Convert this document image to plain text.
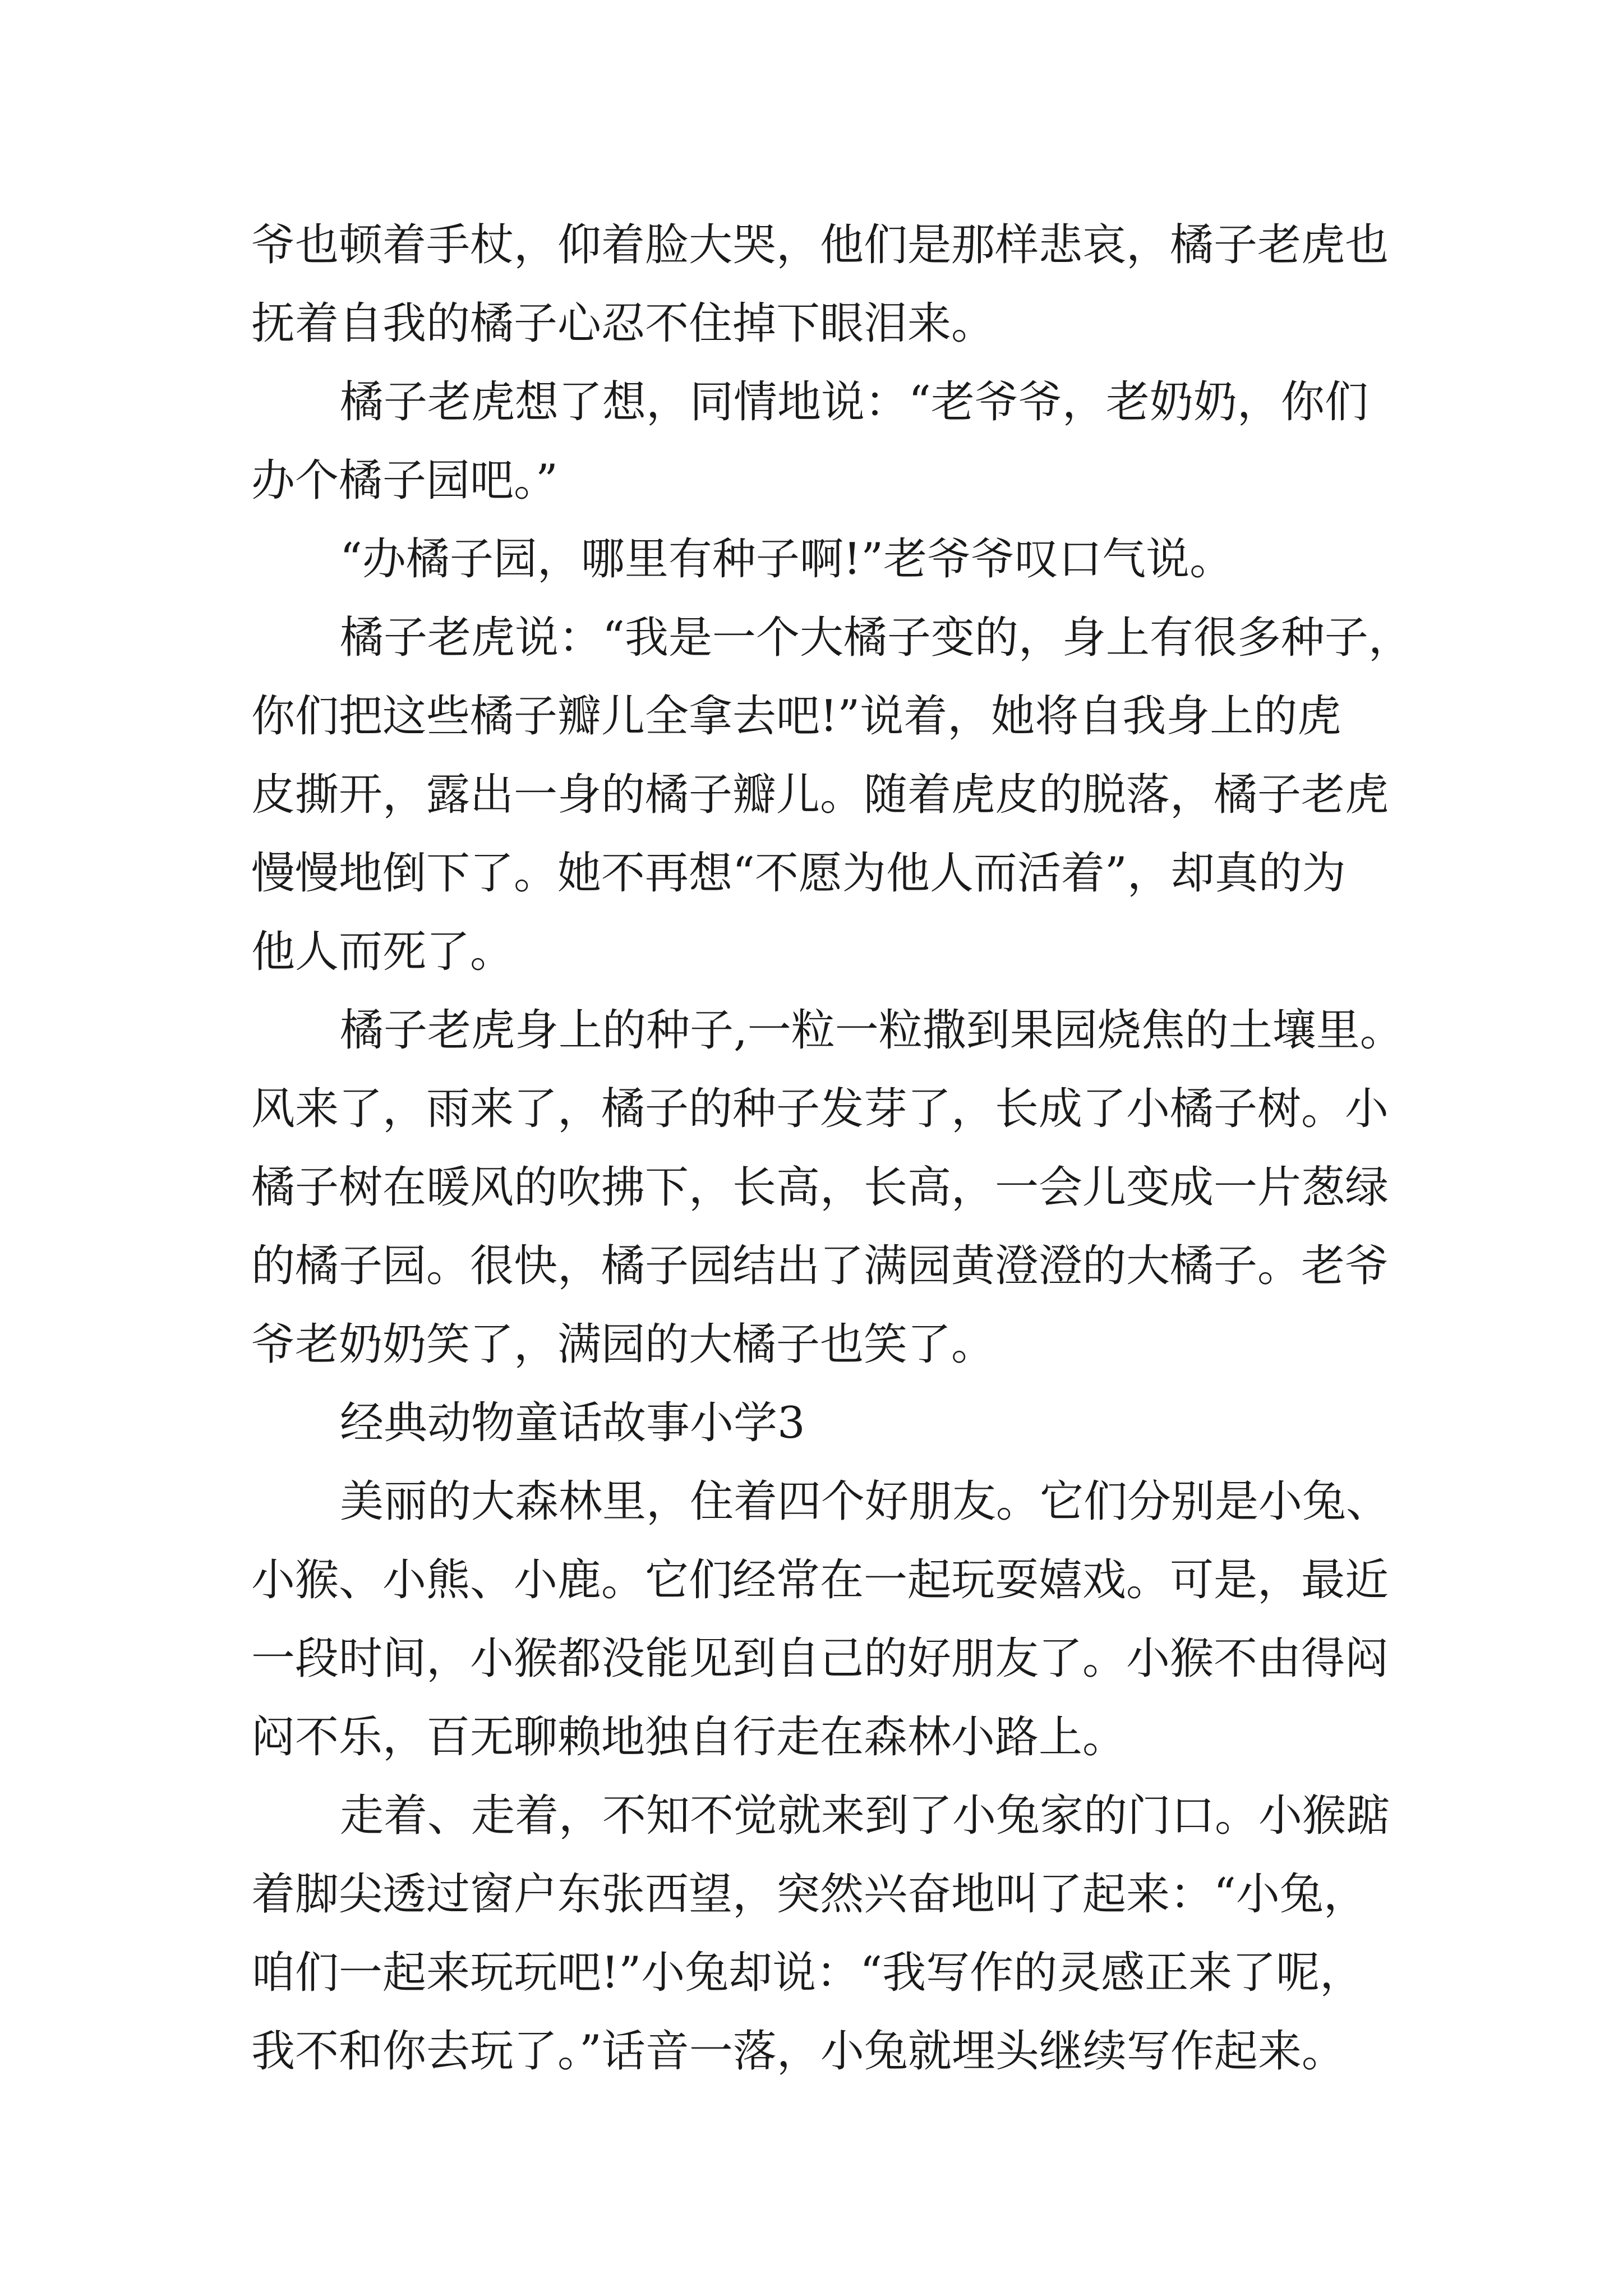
爷也顿着手杖，仰着脸大哭，他们是那样悲哀，橘子老虎也

抚着自我的橘子心忍不住掉下眼泪来。

橘子老虎想了想，同情地说：“老爷爷，老奶奶，你们

办个橘子园吧。”

“办橘子园，哪里有种子啊!”老爷爷叹口气说。

橘子老虎说：“我是一个大橘子变的，身上有很多种子，

你们把这些橘子瓣儿全拿去吧!”说着，她将自我身上的虎

皮撕开，露出一身的橘子瓣儿。随着虎皮的脱落，橘子老虎

慢慢地倒下了。她不再想“不愿为他人而活着”，却真的为

他人而死了。

橘子老虎身上的种子,一粒一粒撒到果园烧焦的土壤里。

风来了，雨来了，橘子的种子发芽了，长成了小橘子树。小

橘子树在暖风的吹拂下，长高，长高，一会儿变成一片葱绿

的橘子园。很快，橘子园结出了满园黄澄澄的大橘子。老爷

爷老奶奶笑了，满园的大橘子也笑了。

经典动物童话故事小学3

美丽的大森林里，住着四个好朋友。它们分别是小兔、

小猴、小熊、小鹿。它们经常在一起玩耍嬉戏。可是，最近

一段时间，小猴都没能见到自己的好朋友了。小猴不由得闷

闷不乐，百无聊赖地独自行走在森林小路上。

走着、走着，不知不觉就来到了小兔家的门口。小猴踮

着脚尖透过窗户东张西望，突然兴奋地叫了起来：“小兔，

咱们一起来玩玩吧!”小兔却说：“我写作的灵感正来了呢，

我不和你去玩了。”话音一落，小兔就埋头继续写作起来。
